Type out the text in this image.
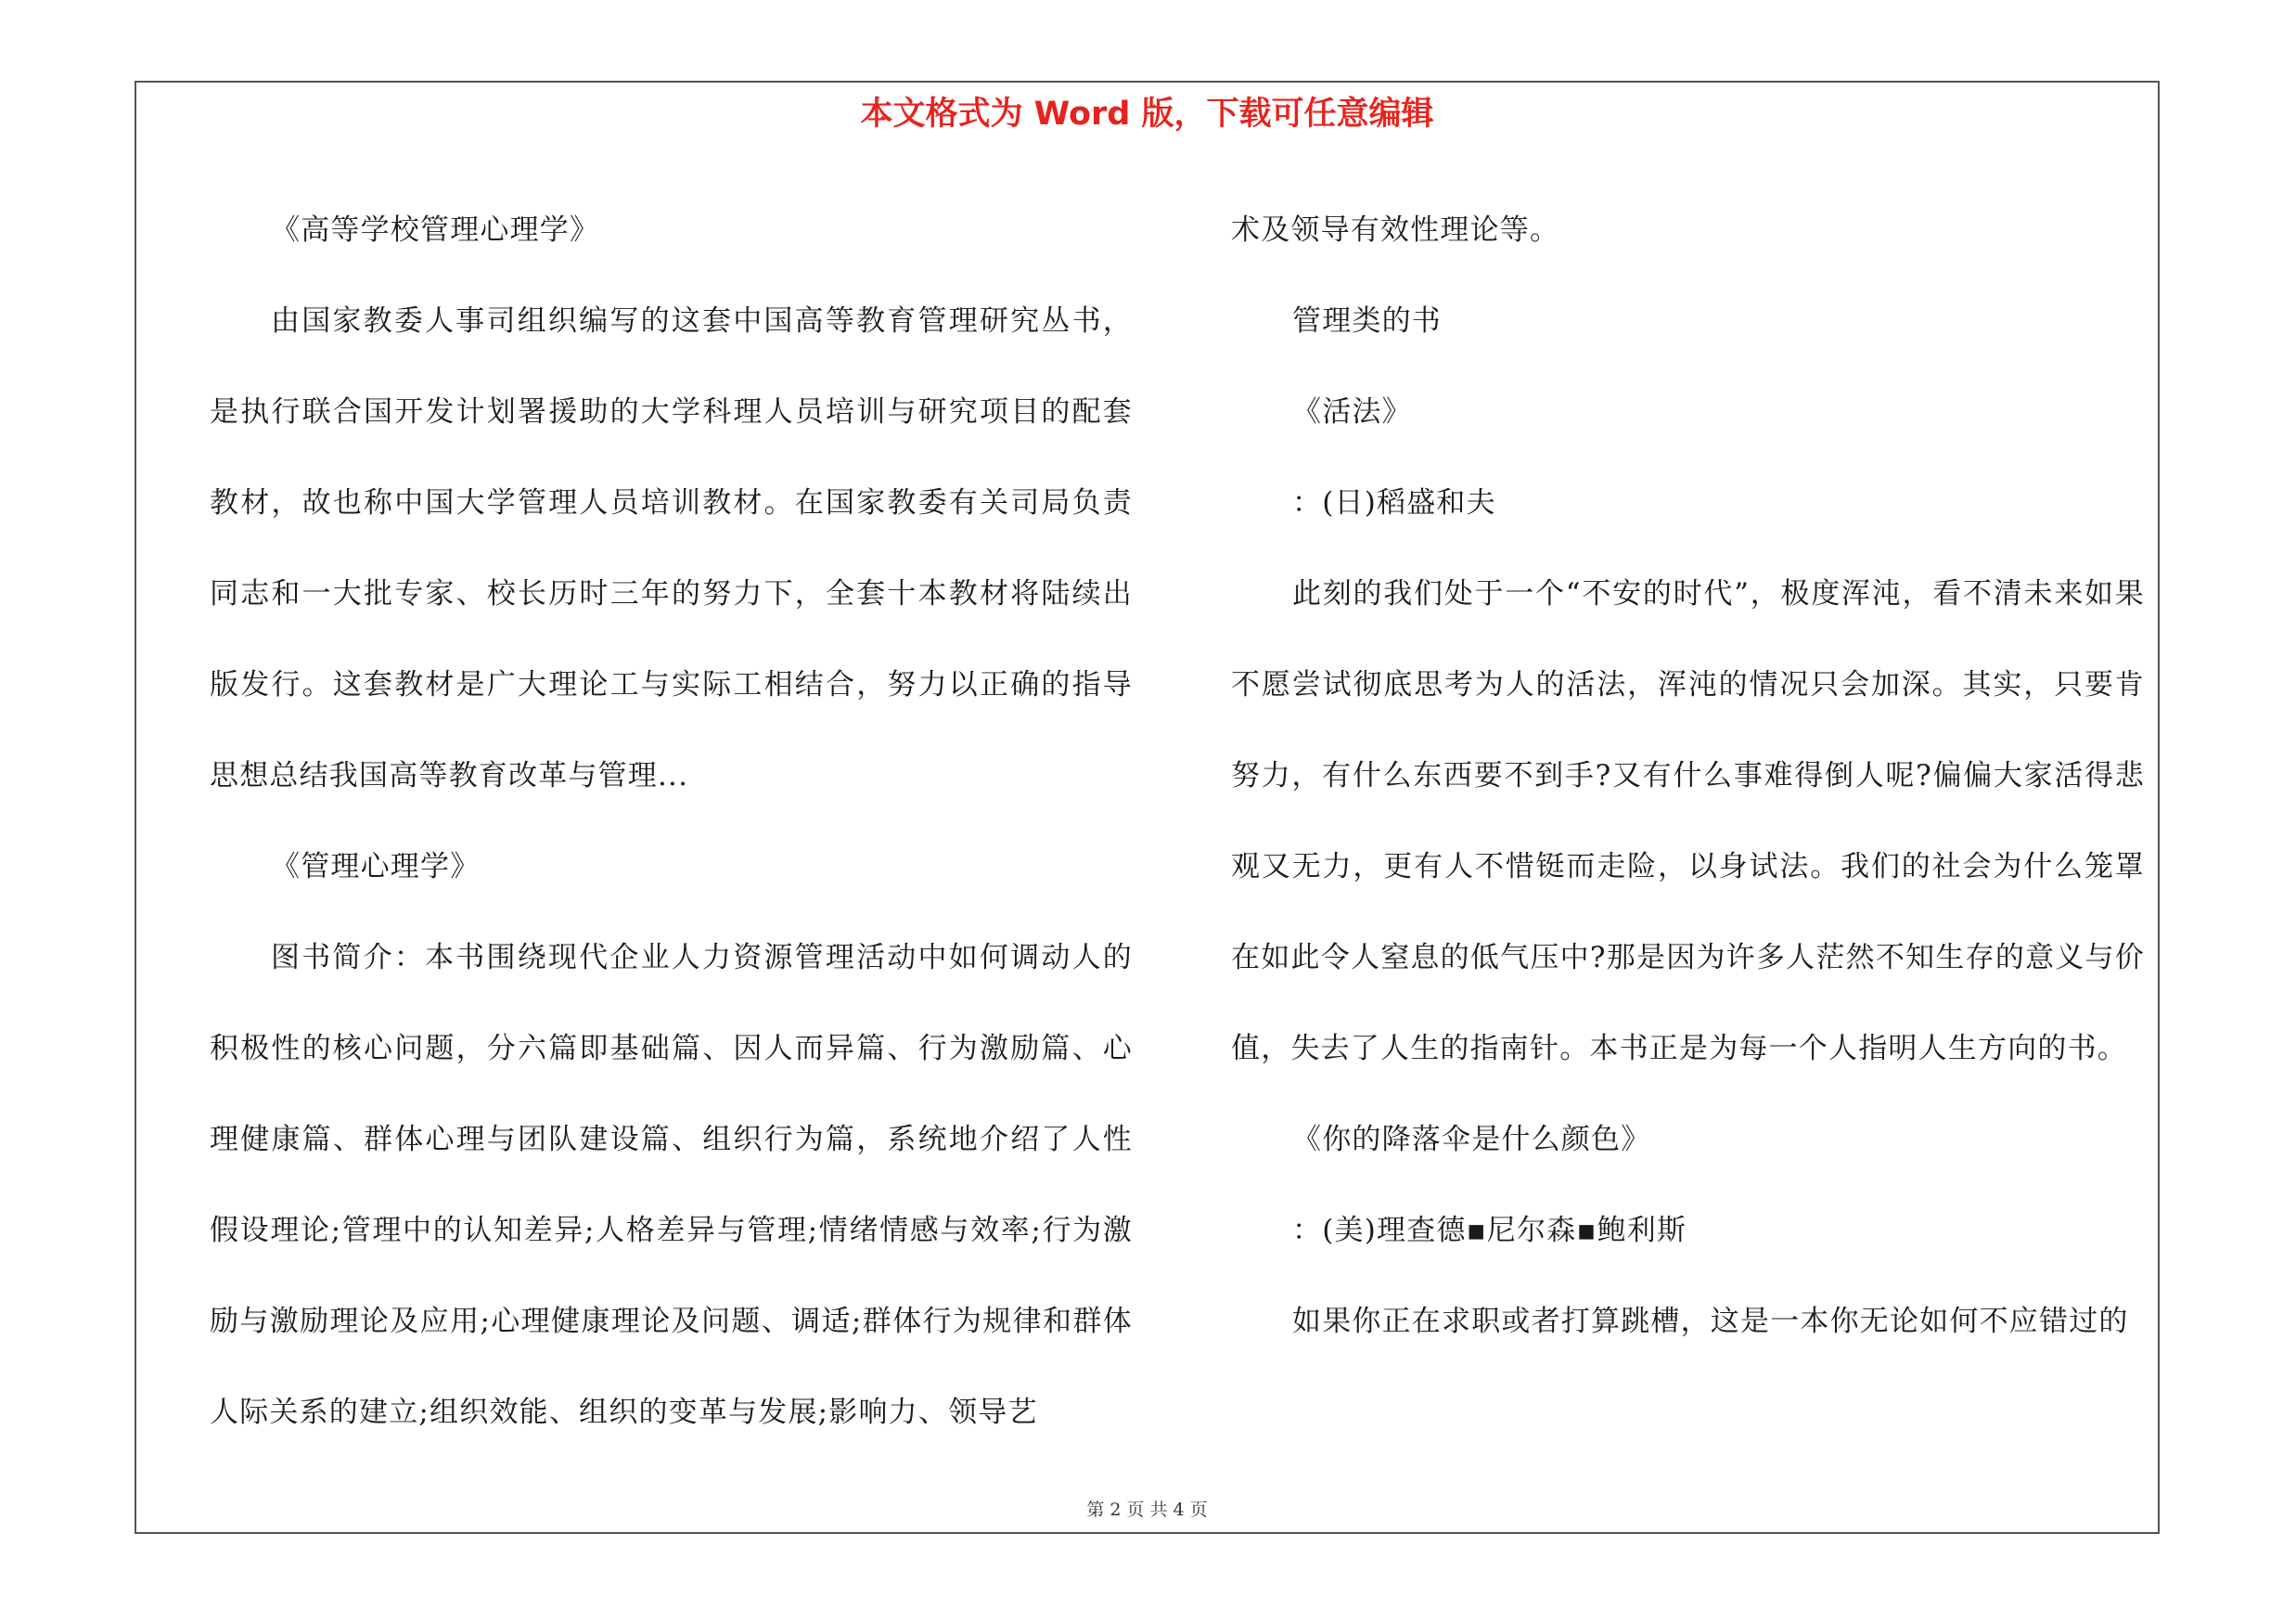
本文格式为 Word 版，下载可任意编辑

《高等学校管理心理学》

由国家教委人事司组织编写的这套中国高等教育管理研究丛书，是执行联合国开发计划署援助的大学科理人员培训与研究项目的配套教材，故也称中国大学管理人员培训教材。在国家教委有关司局负责同志和一大批专家、校长历时三年的努力下，全套十本教材将陆续出版发行。这套教材是广大理论工与实际工相结合，努力以正确的指导思想总结我国高等教育改革与管理...

《管理心理学》

图书简介：本书围绕现代企业人力资源管理活动中如何调动人的积极性的核心问题，分六篇即基础篇、因人而异篇、行为激励篇、心理健康篇、群体心理与团队建设篇、组织行为篇，系统地介绍了人性假设理论;管理中的认知差异;人格差异与管理;情绪情感与效率;行为激励与激励理论及应用;心理健康理论及问题、调适;群体行为规律和群体人际关系的建立;组织效能、组织的变革与发展;影响力、领导艺

术及领导有效性理论等。

管理类的书

《活法》

：(日)稻盛和夫

此刻的我们处于一个“不安的时代”，极度浑沌，看不清未来如果不愿尝试彻底思考为人的活法，浑沌的情况只会加深。其实，只要肯努力，有什么东西要不到手?又有什么事难得倒人呢?偏偏大家活得悲观又无力，更有人不惜铤而走险，以身试法。我们的社会为什么笼罩在如此令人窒息的低气压中?那是因为许多人茫然不知生存的意义与价值，失去了人生的指南针。本书正是为每一个人指明人生方向的书。

《你的降落伞是什么颜色》

：(美)理查德▪尼尔森▪鲍利斯

如果你正在求职或者打算跳槽，这是一本你无论如何不应错过的

第 2 页 共 4 页
